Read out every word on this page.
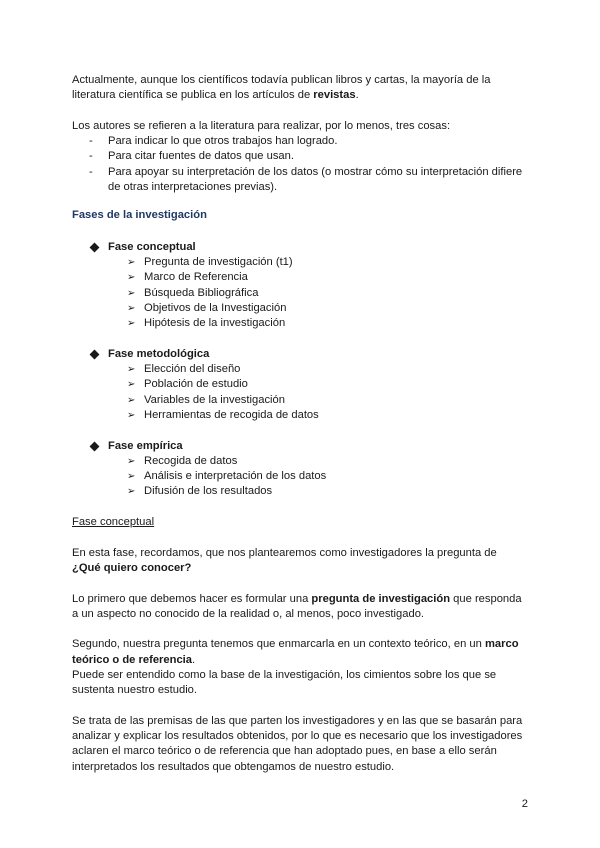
Actualmente, aunque los científicos todavía publican libros y cartas, la mayoría de la literatura científica se publica en los artículos de revistas.

Los autores se refieren a la literatura para realizar, por lo menos, tres cosas:

- Para indicar lo que otros trabajos han logrado.
- Para citar fuentes de datos que usan.
- Para apoyar su interpretación de los datos (o mostrar cómo su interpretación difiere de otras interpretaciones previas).

Fases de la investigación

Fase conceptual
➢ Pregunta de investigación (t1)
➢ Marco de Referencia
➢ Búsqueda Bibliográfica
➢ Objetivos de la Investigación
➢ Hipótesis de la investigación
Fase metodológica
➢ Elección del diseño
➢ Población de estudio
➢ Variables de la investigación
➢ Herramientas de recogida de datos
Fase empírica
➢ Recogida de datos
➢ Análisis e interpretación de los datos
➢ Difusión de los resultados

Fase conceptual

En esta fase, recordamos, que nos plantearemos como investigadores la pregunta de ¿Qué quiero conocer?

Lo primero que debemos hacer es formular una pregunta de investigación que responda a un aspecto no conocido de la realidad o, al menos, poco investigado.

Segundo, nuestra pregunta tenemos que enmarcarla en un contexto teórico, en un marco teórico o de referencia.

Puede ser entendido como la base de la investigación, los cimientos sobre los que se sustenta nuestro estudio.

Se trata de las premisas de las que parten los investigadores y en las que se basarán para analizar y explicar los resultados obtenidos, por lo que es necesario que los investigadores aclaren el marco teórico o de referencia que han adoptado pues, en base a ello serán interpretados los resultados que obtengamos de nuestro estudio.

2
